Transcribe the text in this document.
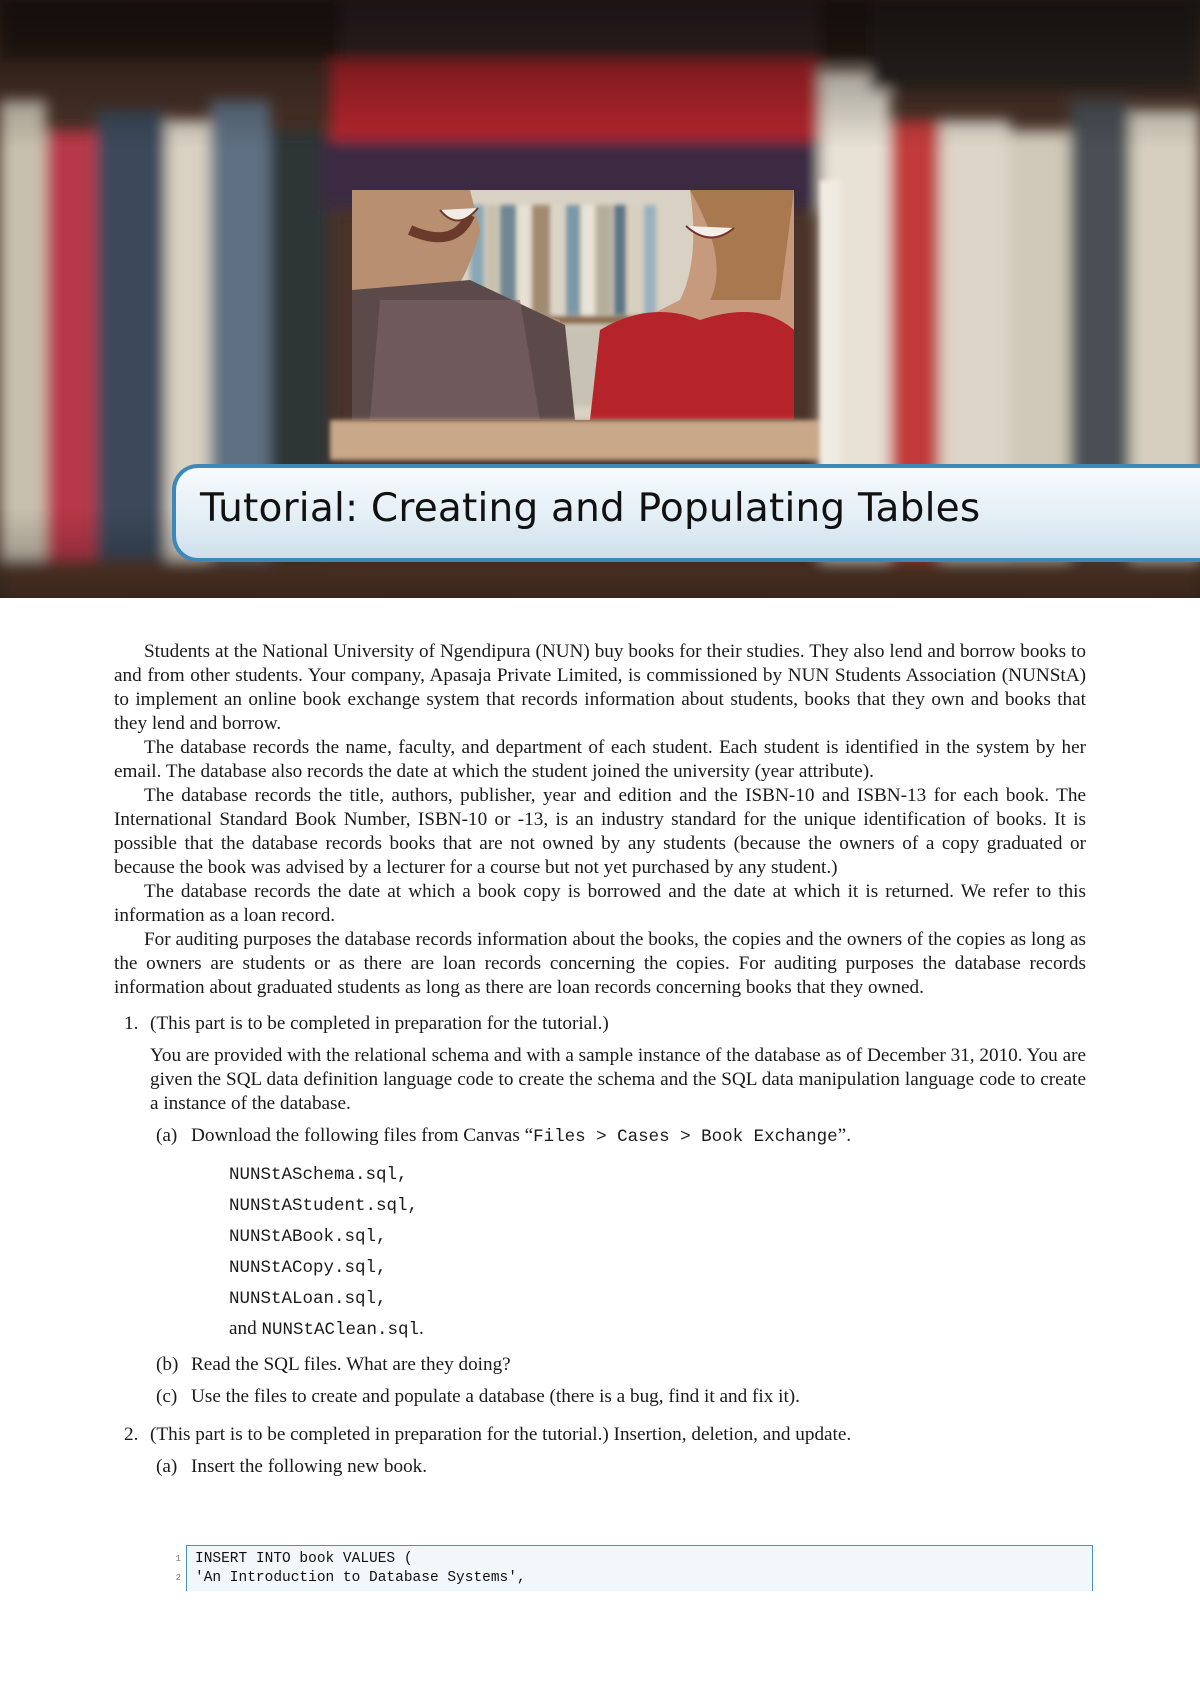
Tutorial: Creating and Populating Tables

Students at the National University of Ngendipura (NUN) buy books for their studies. They also lend and borrow books to and from other students. Your company, Apasaja Private Limited, is commissioned by NUN Students Association (NUNStA) to implement an online book exchange system that records information about students, books that they own and books that they lend and borrow.

The database records the name, faculty, and department of each student. Each student is identified in the system by her email. The database also records the date at which the student joined the university (year attribute).

The database records the title, authors, publisher, year and edition and the ISBN-10 and ISBN-13 for each book. The International Standard Book Number, ISBN-10 or -13, is an industry standard for the unique identification of books. It is possible that the database records books that are not owned by any students (because the owners of a copy graduated or because the book was advised by a lecturer for a course but not yet purchased by any student.)

The database records the date at which a book copy is borrowed and the date at which it is returned. We refer to this information as a loan record.

For auditing purposes the database records information about the books, the copies and the owners of the copies as long as the owners are students or as there are loan records concerning the copies. For auditing purposes the database records information about graduated students as long as there are loan records concerning books that they owned.

1. (This part is to be completed in preparation for the tutorial.)
You are provided with the relational schema and with a sample instance of the database as of December 31, 2010. You are given the SQL data definition language code to create the schema and the SQL data manipulation language code to create a instance of the database.
(a) Download the following files from Canvas “Files > Cases > Book Exchange”.
NUNStASchema.sql,
NUNStAStudent.sql,
NUNStABook.sql,
NUNStACopy.sql,
NUNStALoan.sql,
and NUNStAClean.sql.
(b) Read the SQL files. What are they doing?
(c) Use the files to create and populate a database (there is a bug, find it and fix it).
2. (This part is to be completed in preparation for the tutorial.) Insertion, deletion, and update.
(a) Insert the following new book.
1 INSERT INTO book VALUES (
2 'An Introduction to Database Systems',
